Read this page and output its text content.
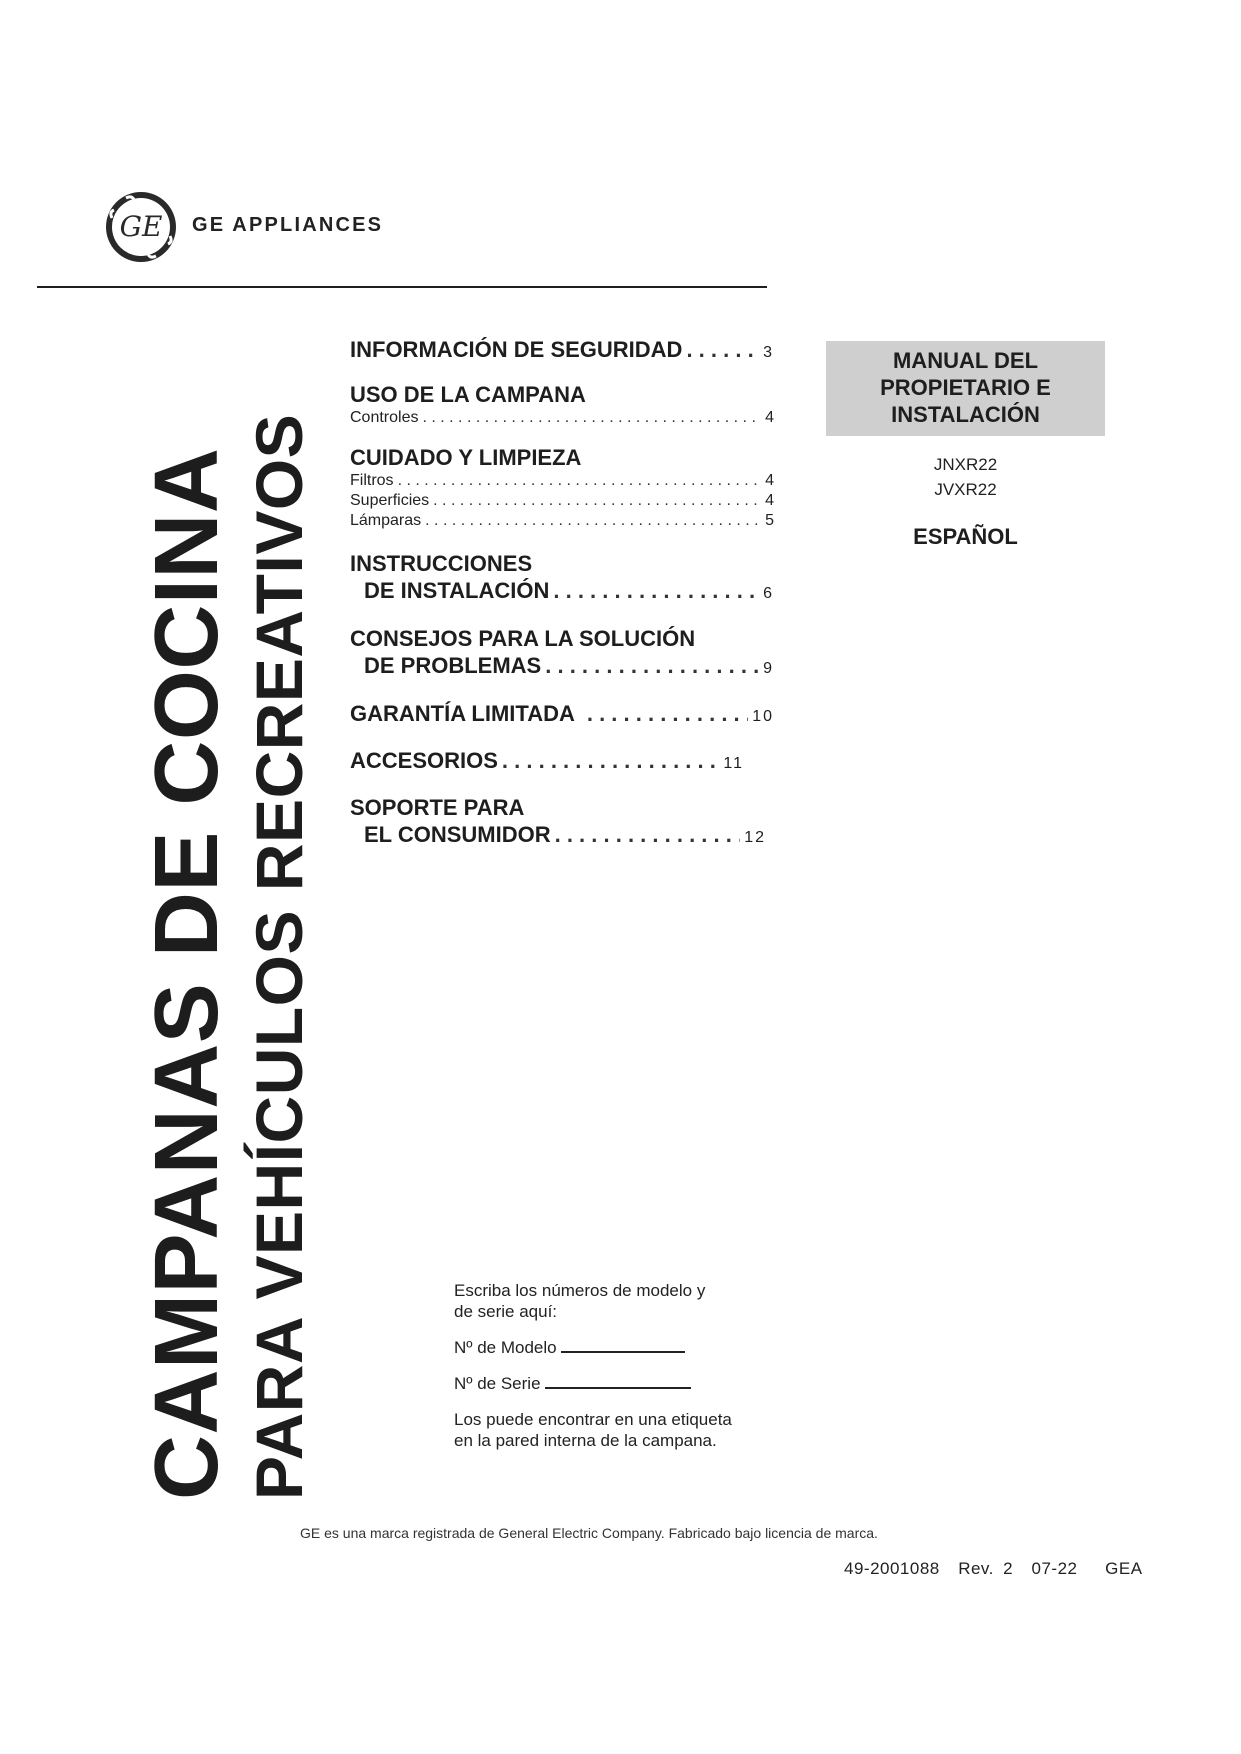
GE GE APPLIANCES
CAMPANAS DE COCINA PARA VEHÍCULOS RECREATIVOS
INFORMACIÓN DE SEGURIDAD . . .	3
USO DE LA CAMPANA
Controles . . .	4
CUIDADO Y LIMPIEZA
Filtros . . .	4
Superficies . . .	4
Lámparas . . .	5
INSTRUCCIONES
DE INSTALACIÓN . . .	6
CONSEJOS PARA LA SOLUCIÓN
DE PROBLEMAS . . .	9
GARANTÍA LIMITADA . . .	10
ACCESORIOS . . .	11
SOPORTE PARA
EL CONSUMIDOR . . .	12
MANUAL DEL
PROPIETARIO E
INSTALACIÓN
JNXR22
JVXR22
ESPAÑOL

Escriba los números de modelo y

de serie aquí:

Nº de Modelo

Nº de Serie

Los puede encontrar en una etiqueta

en la pared interna de la campana.

GE es una marca registrada de General Electric Company. Fabricado bajo licencia de marca.
49-2001088  Rev. 2  07-22   GEA
